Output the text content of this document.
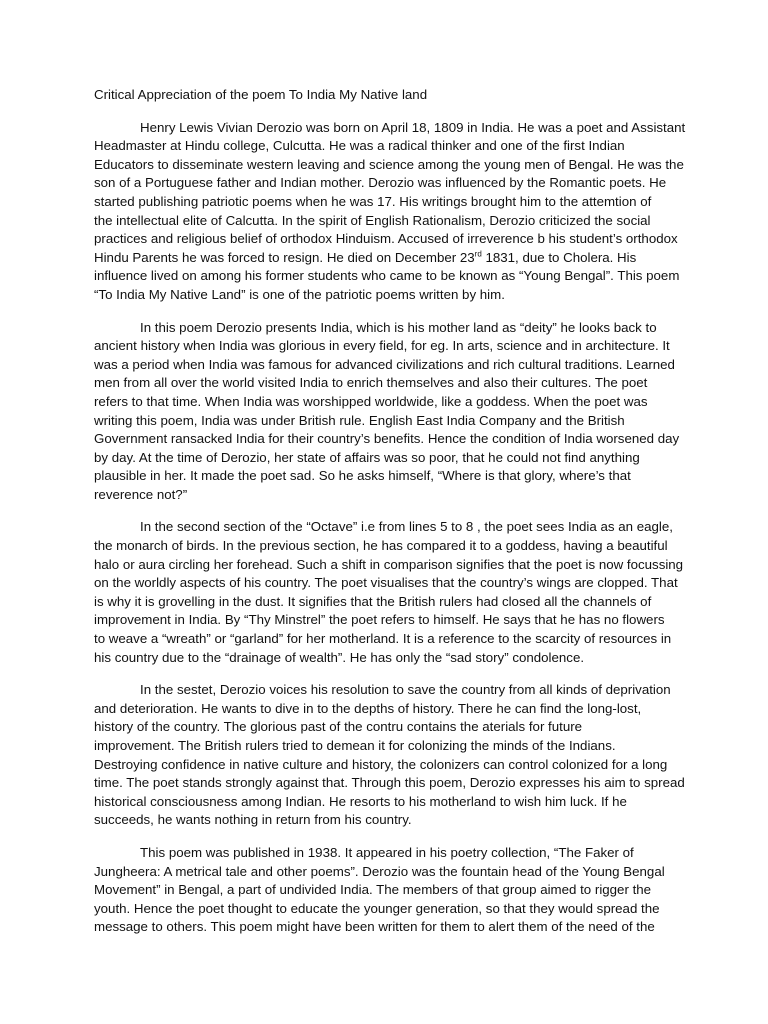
Critical Appreciation of the poem To India My Native land
Henry Lewis Vivian Derozio was born on April 18, 1809 in India. He was a poet and Assistant
Headmaster at Hindu college, Culcutta. He was a radical thinker and one of the first Indian
Educators to disseminate western leaving and science among the young men of Bengal. He was the
son of a Portuguese father and Indian mother. Derozio was influenced by the Romantic poets. He
started publishing patriotic poems when he was 17. His writings brought him to the attemtion of
the intellectual elite of Calcutta. In the spirit of English Rationalism, Derozio criticized the social
practices and religious belief of orthodox Hinduism. Accused of irreverence b his student’s orthodox
Hindu Parents he was forced to resign. He died on December 23rd 1831, due to Cholera. His
influence lived on among his former students who came to be known as “Young Bengal”. This poem
“To India My Native Land” is one of the patriotic poems written by him.
In this poem Derozio presents India, which is his mother land as “deity” he looks back to
ancient history when India was glorious in every field, for eg. In arts, science and in architecture. It
was a period when India was famous for advanced civilizations and rich cultural traditions. Learned
men from all over the world visited India to enrich themselves and also their cultures. The poet
refers to that time. When India was worshipped worldwide, like a goddess. When the poet was
writing this poem, India was under British rule. English East India Company and the British
Government ransacked India for their country’s benefits. Hence the condition of India worsened day
by day. At the time of Derozio, her state of affairs was so poor, that he could not find anything
plausible in her. It made the poet sad. So he asks himself, “Where is that glory, where’s that
reverence not?”
In the second section of the “Octave” i.e from lines 5 to 8 , the poet sees India as an eagle,
the monarch of birds. In the previous section, he has compared it to a goddess, having a beautiful
halo or aura circling her forehead. Such a shift in comparison signifies that the poet is now focussing
on the worldly aspects of his country. The poet visualises that the country’s wings are clopped. That
is why it is grovelling in the dust. It signifies that the British rulers had closed all the channels of
improvement in India. By “Thy Minstrel” the poet refers to himself. He says that he has no flowers
to weave a “wreath” or “garland” for her motherland. It is a reference to the scarcity of resources in
his country due to the “drainage of wealth”. He has only the “sad story” condolence.
In the sestet, Derozio voices his resolution to save the country from all kinds of deprivation
and deterioration. He wants to dive in to the depths of history. There he can find the long-lost,
history of the country. The glorious past of the contru contains the aterials for future
improvement. The British rulers tried to demean it for colonizing the minds of the Indians.
Destroying confidence in native culture and history, the colonizers can control colonized for a long
time. The poet stands strongly against that. Through this poem, Derozio expresses his aim to spread
historical consciousness among Indian. He resorts to his motherland to wish him luck. If he
succeeds, he wants nothing in return from his country.
This poem was published in 1938. It appeared in his poetry collection, “The Faker of
Jungheera: A metrical tale and other poems”. Derozio was the fountain head of the Young Bengal
Movement” in Bengal, a part of undivided India. The members of that group aimed to rigger the
youth. Hence the poet thought to educate the younger generation, so that they would spread the
message to others. This poem might have been written for them to alert them of the need of the
